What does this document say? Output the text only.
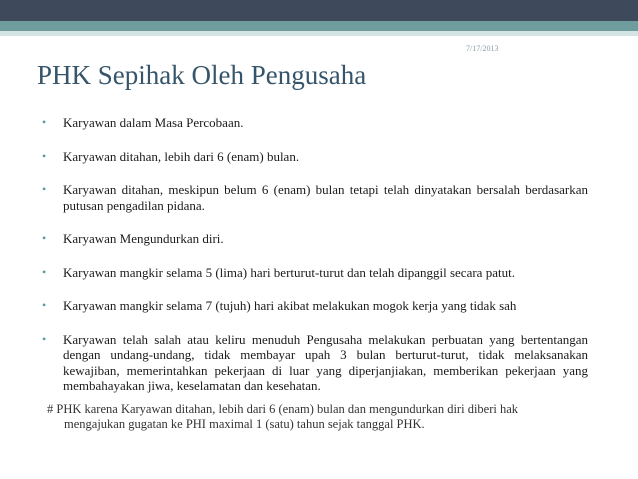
7/17/2013
PHK Sepihak Oleh Pengusaha
• Karyawan dalam Masa Percobaan.
• Karyawan ditahan, lebih dari 6 (enam) bulan.
• Karyawan ditahan, meskipun belum 6 (enam) bulan tetapi telah dinyatakan bersalah berdasarkan putusan pengadilan pidana.
• Karyawan Mengundurkan diri.
• Karyawan mangkir selama 5 (lima) hari berturut-turut dan telah dipanggil secara patut.
• Karyawan mangkir selama 7 (tujuh) hari akibat melakukan mogok kerja yang tidak sah
• Karyawan telah salah atau keliru menuduh Pengusaha melakukan perbuatan yang bertentangan dengan undang-undang, tidak membayar upah 3 bulan berturut-turut, tidak melaksanakan kewajiban, memerintahkan pekerjaan di luar yang diperjanjiakan, memberikan pekerjaan yang membahayakan jiwa, keselamatan dan kesehatan.
# PHK karena Karyawan ditahan, lebih dari 6 (enam) bulan dan mengundurkan diri diberi hak
mengajukan gugatan ke PHI maximal 1 (satu) tahun sejak tanggal PHK.
